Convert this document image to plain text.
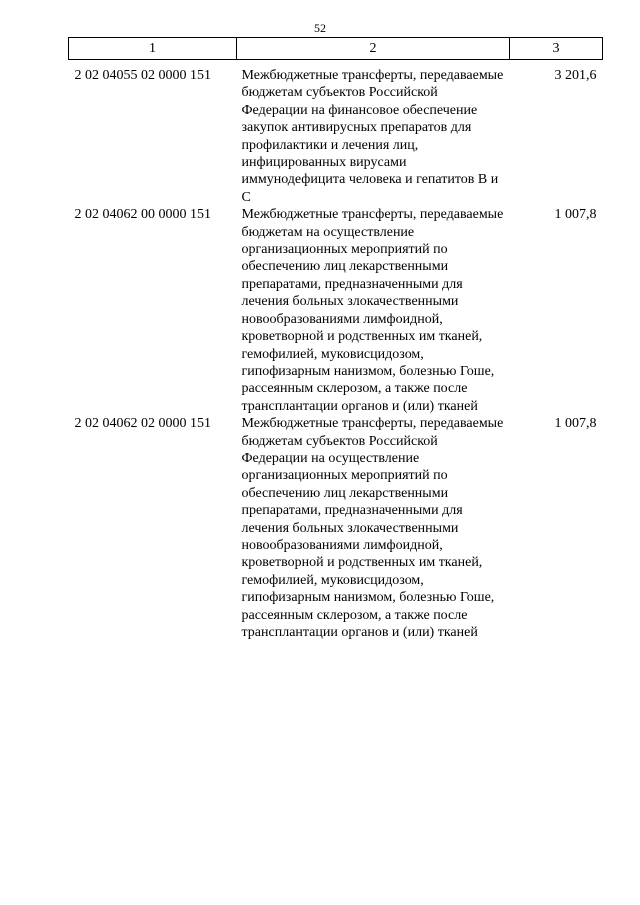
52
1	2	3
2 02 04055 02 0000 151	Межбюджетные трансферты, передаваемые бюджетам субъектов Российской Федерации на финансовое обеспечение закупок антивирусных препаратов для профилактики и лечения лиц, инфицированных вирусами иммунодефицита человека и гепатитов В и С	3 201,6
2 02 04062 00 0000 151	Межбюджетные трансферты, передаваемые бюджетам на осуществление организационных мероприятий по обеспечению лиц лекарственными препаратами, предназначенными для лечения больных злокачественными новообразованиями лимфоидной, кроветворной и родственных им тканей, гемофилией, муковисцидозом, гипофизарным нанизмом, болезнью Гоше, рассеянным склерозом, а также после трансплантации органов и (или) тканей	1 007,8
2 02 04062 02 0000 151	Межбюджетные трансферты, передаваемые бюджетам субъектов Российской Федерации на осуществление организационных мероприятий по обеспечению лиц лекарственными препаратами, предназначенными для лечения больных злокачественными новообразованиями лимфоидной, кроветворной и родственных им тканей, гемофилией, муковисцидозом, гипофизарным нанизмом, болезнью Гоше, рассеянным склерозом, а также после трансплантации органов и (или) тканей	1 007,8
